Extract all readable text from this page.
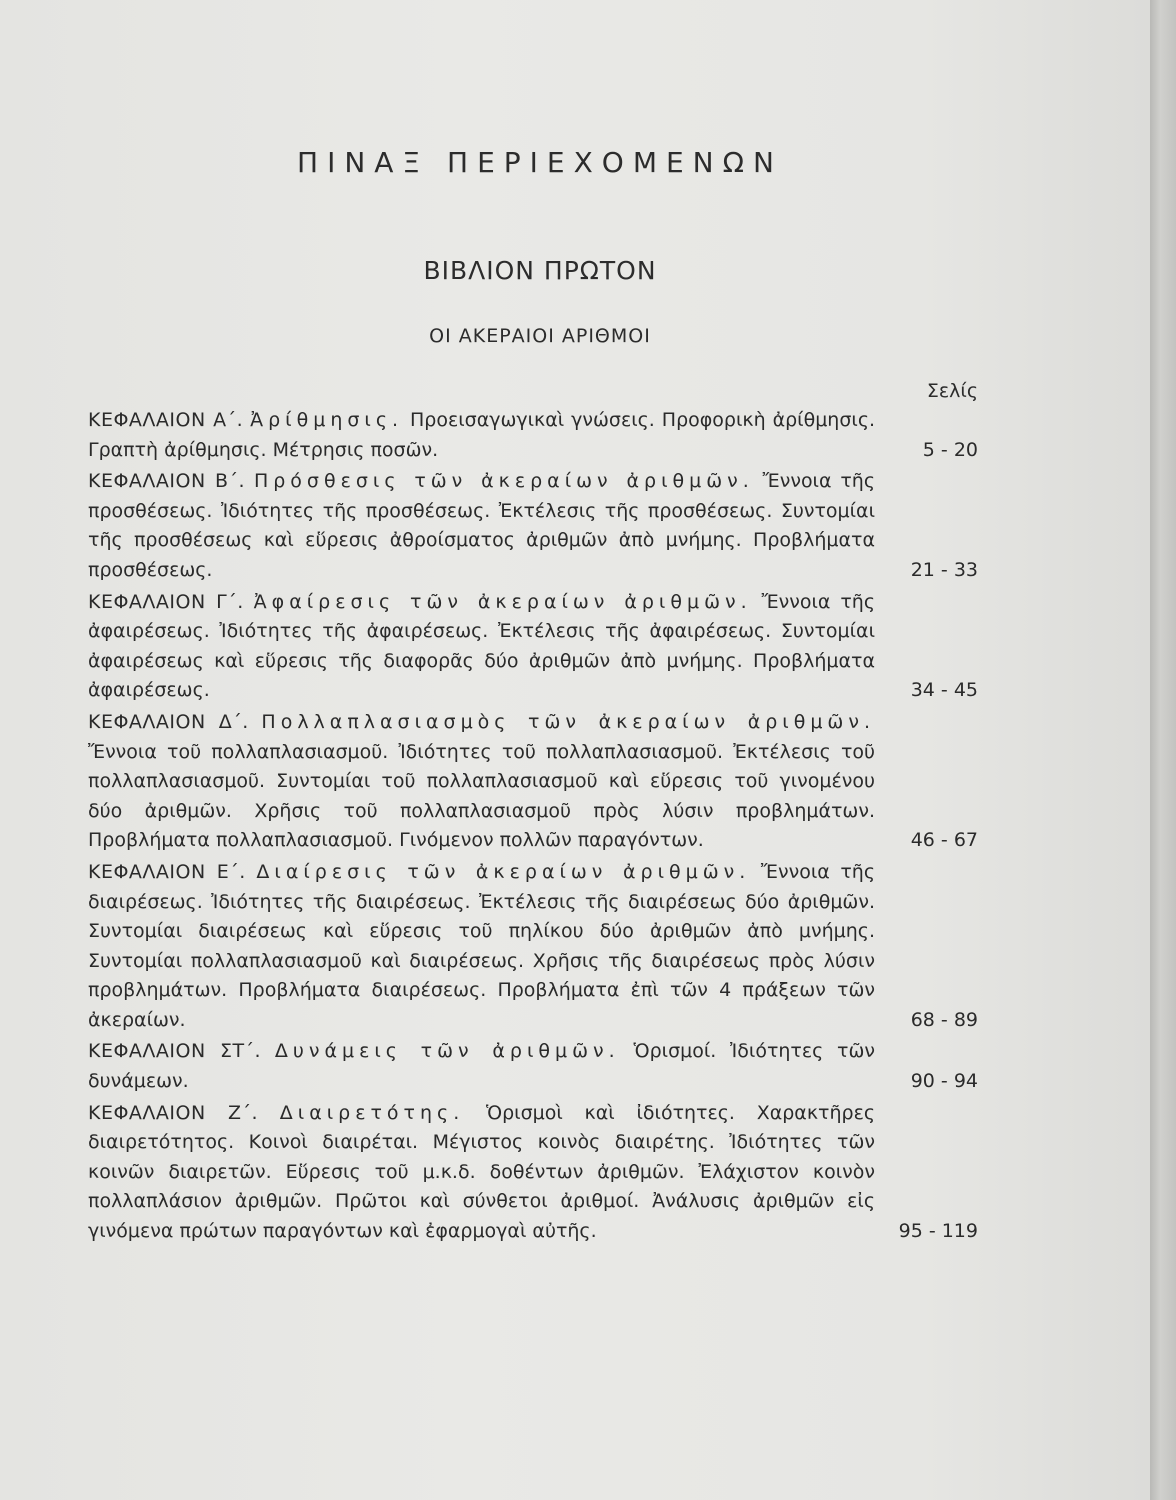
ΠΙΝΑΞ ΠΕΡΙΕΧΟΜΕΝΩΝ
ΒΙΒΛΙΟΝ ΠΡΩΤΟΝ
ΟΙ ΑΚΕΡΑΙΟΙ ΑΡΙΘΜΟΙ
Σελίς
ΚΕΦΑΛΑΙΟΝ Α΄. Ἀρίθμησις. Προεισαγωγικαὶ γνώσεις. Προφορικὴ ἀρίθμησις. Γραπτὴ ἀρίθμησις. Μέτρησις ποσῶν.	5 - 20
ΚΕΦΑΛΑΙΟΝ Β΄. Πρόσθεσις τῶν ἀκεραίων ἀριθμῶν. Ἔννοια τῆς προσθέσεως. Ἰδιότητες τῆς προσθέσεως. Ἐκτέλεσις τῆς προσθέσεως. Συντομίαι τῆς προσθέσεως καὶ εὕρεσις ἀθροίσματος ἀριθμῶν ἀπὸ μνήμης. Προβλήματα προσθέσεως.	21 - 33
ΚΕΦΑΛΑΙΟΝ Γ΄. Ἀφαίρεσις τῶν ἀκεραίων ἀριθμῶν. Ἔννοια τῆς ἀφαιρέσεως. Ἰδιότητες τῆς ἀφαιρέσεως. Ἐκτέλεσις τῆς ἀφαιρέσεως. Συντομίαι ἀφαιρέσεως καὶ εὕρεσις τῆς διαφορᾶς δύο ἀριθμῶν ἀπὸ μνήμης. Προβλήματα ἀφαιρέσεως.	34 - 45
ΚΕΦΑΛΑΙΟΝ Δ΄. Πολλαπλασιασμὸς τῶν ἀκεραίων ἀριθμῶν. Ἔννοια τοῦ πολλαπλασιασμοῦ. Ἰδιότητες τοῦ πολλαπλασιασμοῦ. Ἐκτέλεσις τοῦ πολλαπλασιασμοῦ. Συντομίαι τοῦ πολλαπλασιασμοῦ καὶ εὕρεσις τοῦ γινομένου δύο ἀριθμῶν. Χρῆσις τοῦ πολλαπλασιασμοῦ πρὸς λύσιν προβλημάτων. Προβλήματα πολλαπλασιασμοῦ. Γινόμενον πολλῶν παραγόντων.	46 - 67
ΚΕΦΑΛΑΙΟΝ Ε΄. Διαίρεσις τῶν ἀκεραίων ἀριθμῶν. Ἔννοια τῆς διαιρέσεως. Ἰδιότητες τῆς διαιρέσεως. Ἐκτέλεσις τῆς διαιρέσεως δύο ἀριθμῶν. Συντομίαι διαιρέσεως καὶ εὕρεσις τοῦ πηλίκου δύο ἀριθμῶν ἀπὸ μνήμης. Συντομίαι πολλαπλασιασμοῦ καὶ διαιρέσεως. Χρῆσις τῆς διαιρέσεως πρὸς λύσιν προβλημάτων. Προβλήματα διαιρέσεως. Προβλήματα ἐπὶ τῶν 4 πράξεων τῶν ἀκεραίων.	68 - 89
ΚΕΦΑΛΑΙΟΝ ΣΤ΄. Δυνάμεις τῶν ἀριθμῶν. Ὁρισμοί. Ἰδιότητες τῶν δυνάμεων.	90 - 94
ΚΕΦΑΛΑΙΟΝ Ζ΄. Διαιρετότης. Ὁρισμοὶ καὶ ἰδιότητες. Χαρακτῆρες διαιρετότητος. Κοινοὶ διαιρέται. Μέγιστος κοινὸς διαιρέτης. Ἰδιότητες τῶν κοινῶν διαιρετῶν. Εὕρεσις τοῦ μ.κ.δ. δοθέντων ἀριθμῶν. Ἐλάχιστον κοινὸν πολλαπλάσιον ἀριθμῶν. Πρῶτοι καὶ σύνθετοι ἀριθμοί. Ἀνάλυσις ἀριθμῶν εἰς γινόμενα πρώτων παραγόντων καὶ ἐφαρμογαὶ αὐτῆς.	95 - 119
